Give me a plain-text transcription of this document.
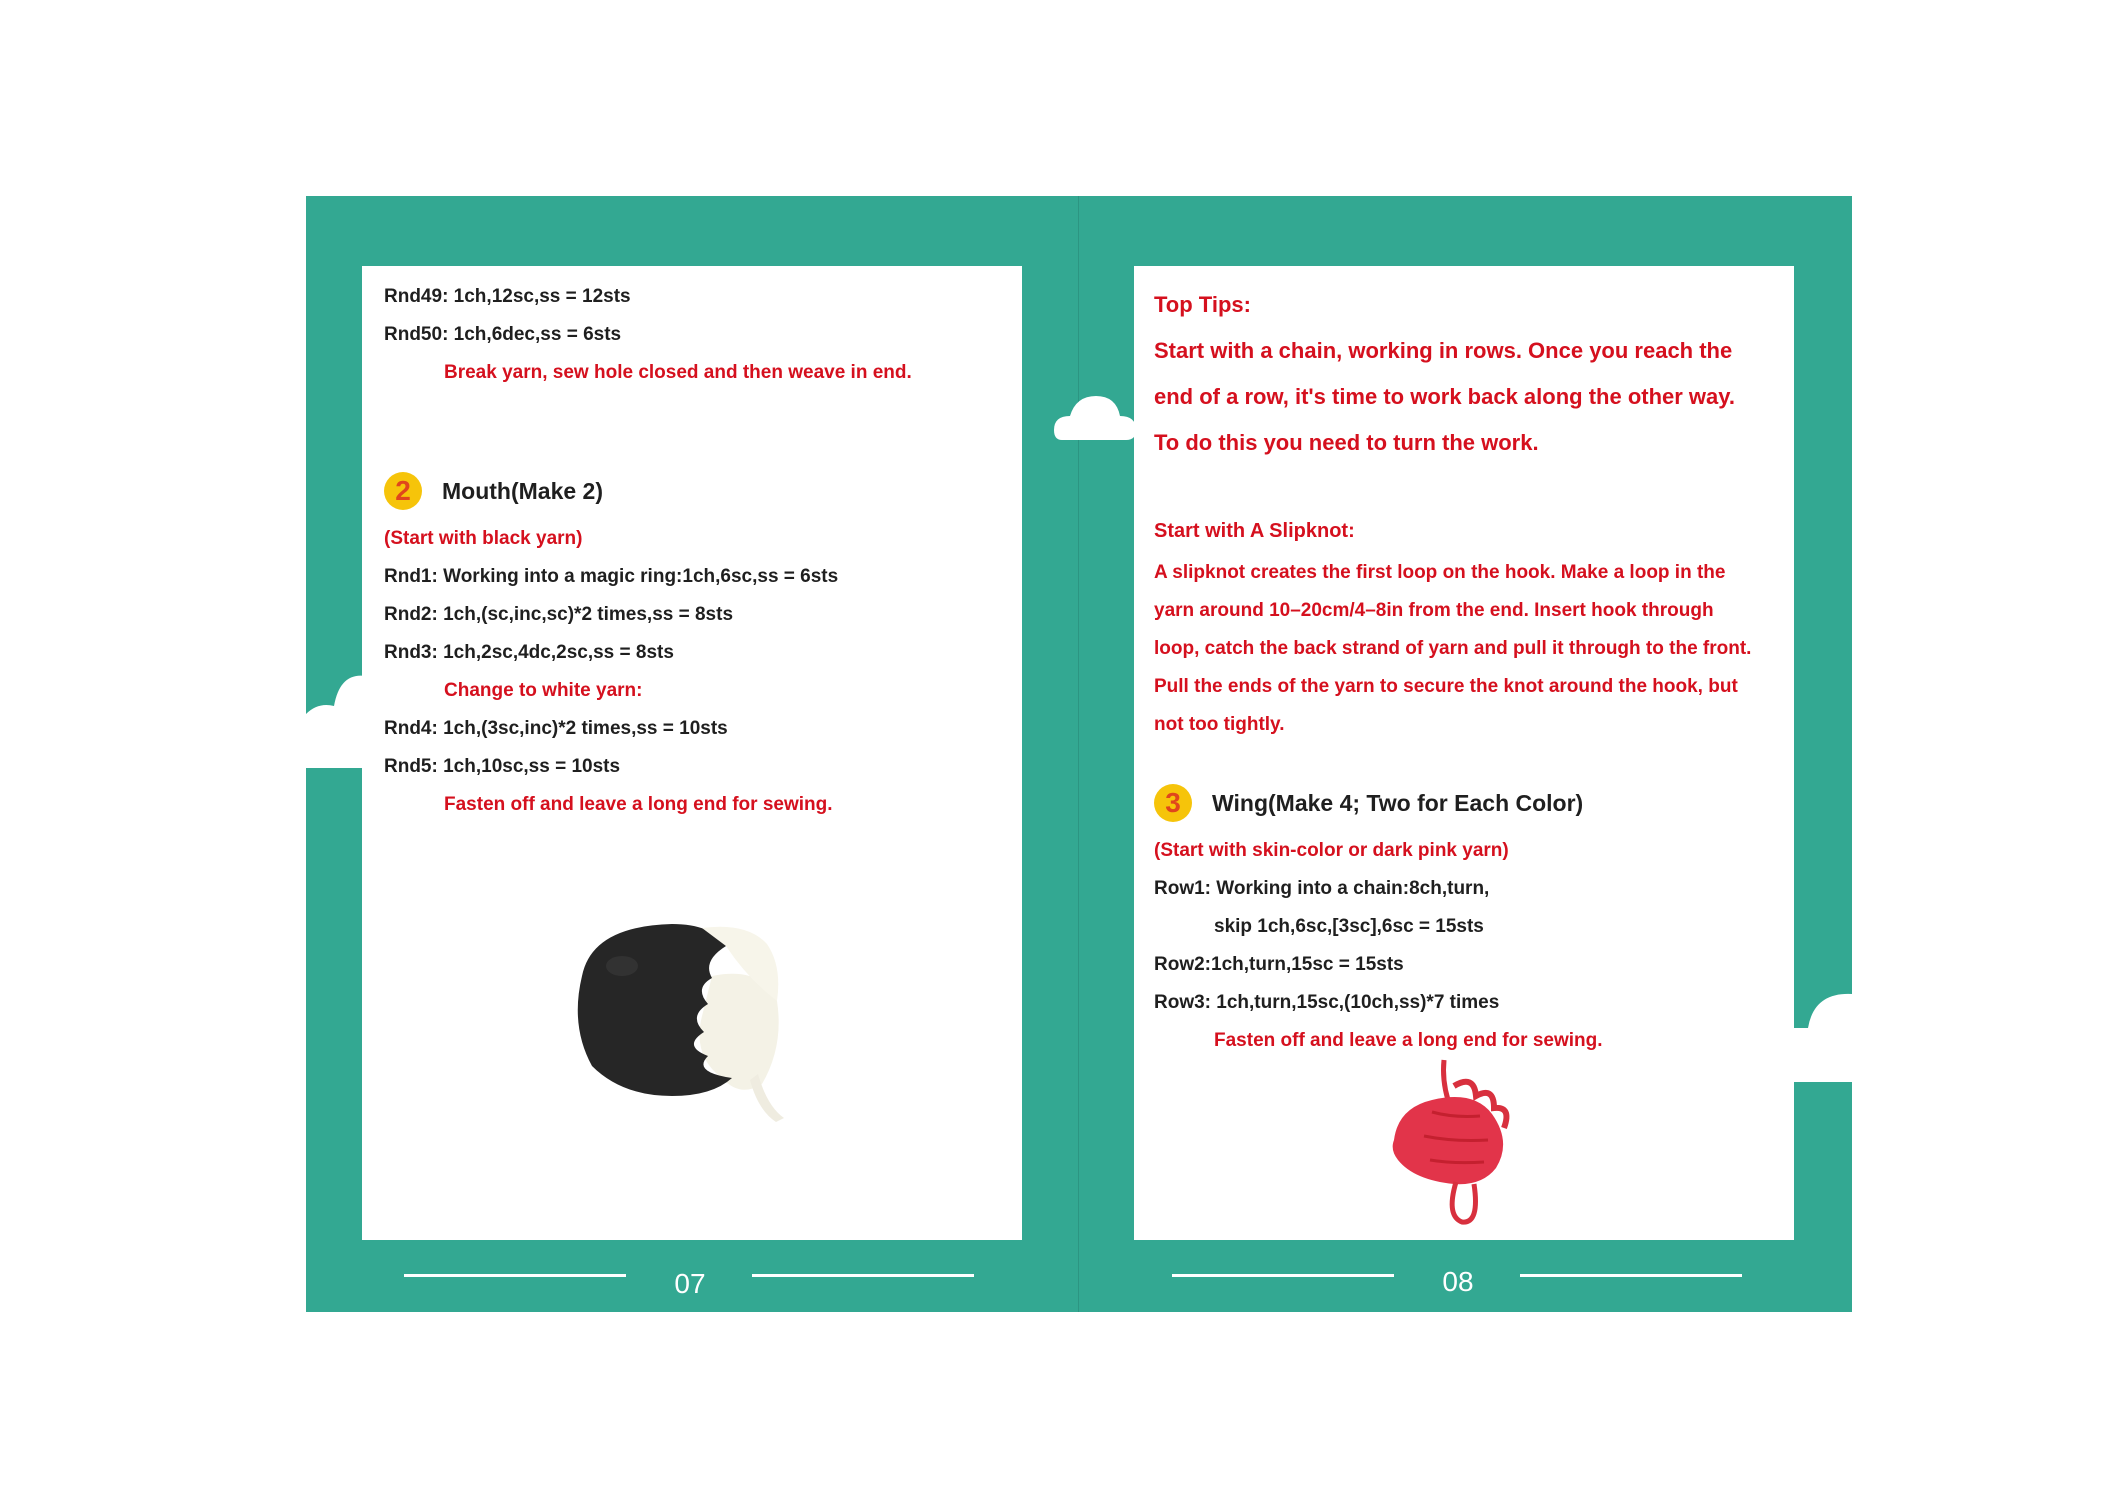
Rnd49: 1ch,12sc,ss = 12sts
Rnd50: 1ch,6dec,ss = 6sts
Break yarn, sew hole closed and then weave in end.
2	Mouth(Make 2)
(Start with black yarn)
Rnd1: Working into a magic ring:1ch,6sc,ss = 6sts
Rnd2: 1ch,(sc,inc,sc)*2 times,ss = 8sts
Rnd3: 1ch,2sc,4dc,2sc,ss = 8sts
Change to white yarn:
Rnd4: 1ch,(3sc,inc)*2 times,ss = 10sts
Rnd5: 1ch,10sc,ss = 10sts
Fasten off and leave a long end for sewing.
Top Tips:
Start with a chain, working in rows. Once you reach the
end of a row, it's time to work back along the other way.
To do this you need to turn the work.
Start with A Slipknot:
A slipknot creates the first loop on the hook. Make a loop in the
yarn around 10–20cm/4–8in from the end. Insert hook through
loop, catch the back strand of yarn and pull it through to the front.
Pull the ends of the yarn to secure the knot around the hook, but
not too tightly.
3	Wing(Make 4; Two for Each Color)
(Start with skin-color or dark pink yarn)
Row1: Working into a chain:8ch,turn,
skip 1ch,6sc,[3sc],6sc = 15sts
Row2:1ch,turn,15sc = 15sts
Row3: 1ch,turn,15sc,(10ch,ss)*7 times
Fasten off and leave a long end for sewing.
07	08
